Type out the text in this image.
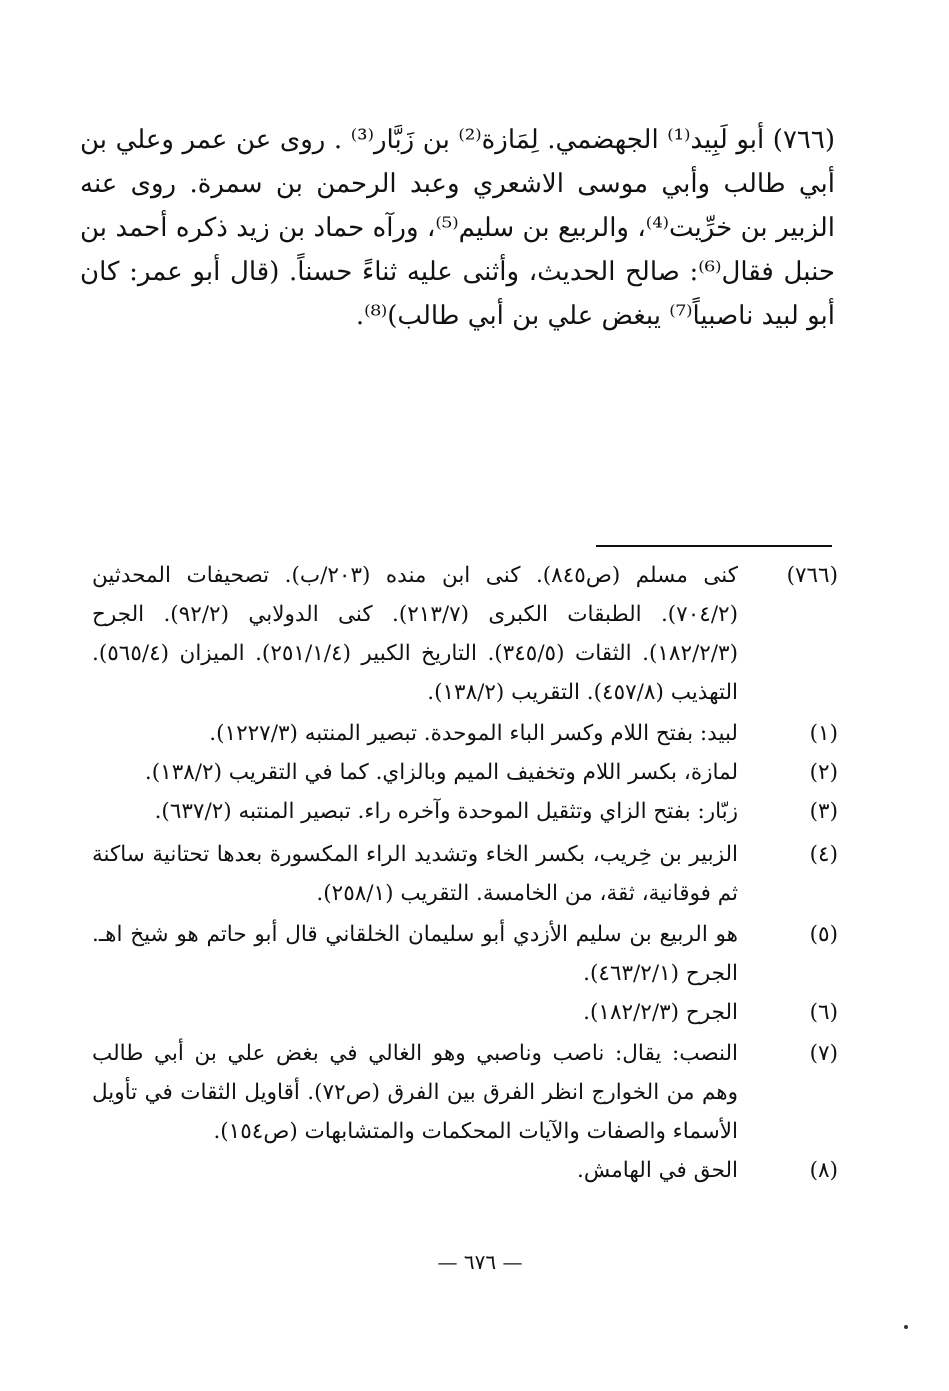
(٧٦٦) أبو لَبِيد⁽¹⁾ الجهضمي. لِمَازة⁽²⁾ بن زَبَّار⁽³⁾ . روى عن عمر وعلي بن أبي طالب وأبي موسى الاشعري وعبد الرحمن بن سمرة. روى عنه الزبير بن خرِّيت⁽⁴⁾، والربيع بن سليم⁽⁵⁾، ورآه حماد بن زيد ذكره أحمد بن حنبل فقال⁽⁶⁾: صالح الحديث، وأثنى عليه ثناءً حسناً. (قال أبو عمر: كان أبو لبيد ناصبياً⁽⁷⁾ يبغض علي بن أبي طالب)⁽⁸⁾.

(٧٦٦)
كنى مسلم (ص٨٤٥). كنى ابن منده (٢٠٣/ب). تصحيفات المحدثين (٧٠٤/٢). الطبقات الكبرى (٢١٣/٧). كنى الدولابي (٩٢/٢). الجرح (١٨٢/٢/٣). الثقات (٣٤٥/٥). التاريخ الكبير (٢٥١/١/٤). الميزان (٥٦٥/٤). التهذيب (٤٥٧/٨). التقريب (١٣٨/٢).
(١)
لبيد: بفتح اللام وكسر الباء الموحدة. تبصير المنتبه (١٢٢٧/٣).
(٢)
لمازة، بكسر اللام وتخفيف الميم وبالزاي. كما في التقريب (١٣٨/٢).
(٣)
زبّار: بفتح الزاي وتثقيل الموحدة وآخره راء. تبصير المنتبه (٦٣٧/٢).
(٤)
الزبير بن خِريب، بكسر الخاء وتشديد الراء المكسورة بعدها تحتانية ساكنة ثم فوقانية، ثقة، من الخامسة. التقريب (٢٥٨/١).
(٥)
هو الربيع بن سليم الأزدي أبو سليمان الخلقاني قال أبو حاتم هو شيخ اهـ. الجرح (٤٦٣/٢/١).
(٦)
الجرح (١٨٢/٢/٣).
(٧)
النصب: يقال: ناصب وناصبي وهو الغالي في بغض علي بن أبي طالب وهم من الخوارج انظر الفرق بين الفرق (ص٧٢). أقاويل الثقات في تأويل الأسماء والصفات والآيات المحكمات والمتشابهات (ص١٥٤).
(٨)
الحق في الهامش.
— ٦٧٦ —
